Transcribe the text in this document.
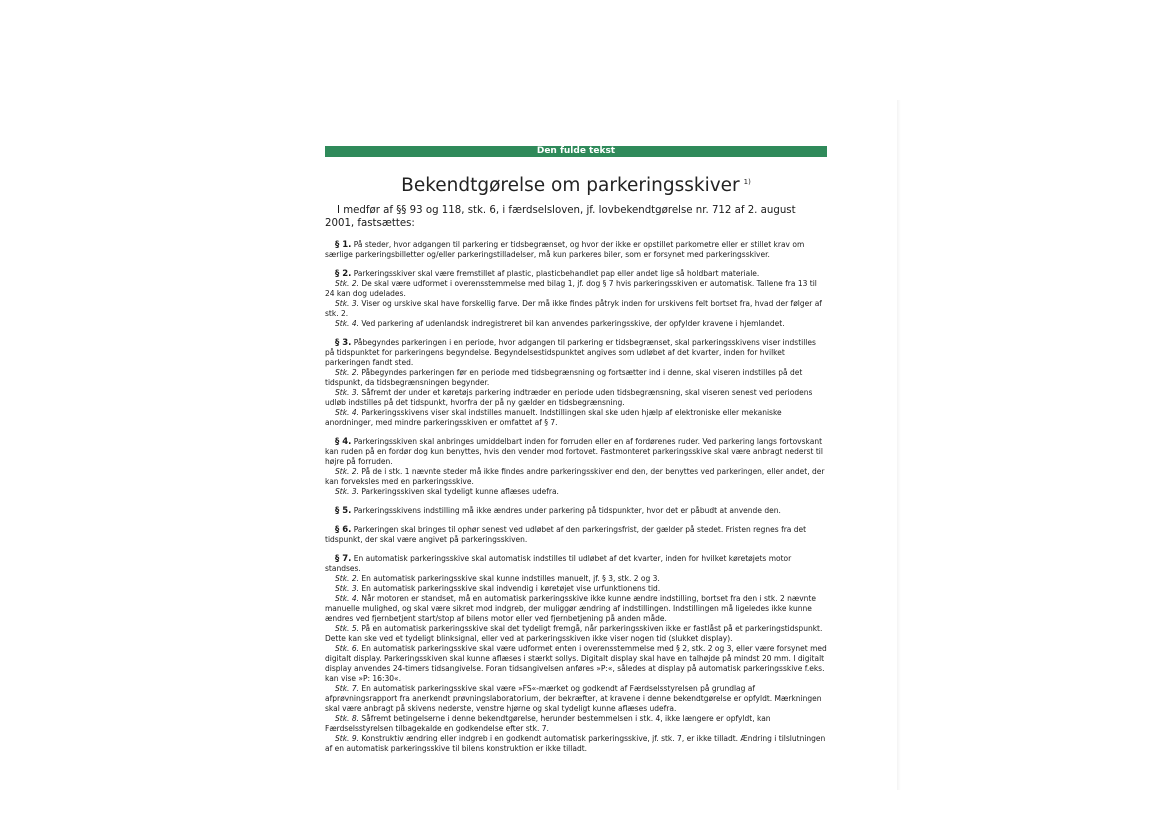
Den fulde tekst
Bekendtgørelse om parkeringsskiver $^{1)}$
I medfør af §§ 93 og 118, stk. 6, i færdselsloven, jf. lovbekendtgørelse nr. 712 af 2. august 2001, fastsættes:

§ 1. På steder, hvor adgangen til parkering er tidsbegrænset, og hvor der ikke er opstillet parkometre eller er stillet krav om særlige parkeringsbilletter og/eller parkeringstilladelser, må kun parkeres biler, som er forsynet med parkeringsskiver.

§ 2. Parkeringsskiver skal være fremstillet af plastic, plasticbehandlet pap eller andet lige så holdbart materiale.

Stk. 2. De skal være udformet i overensstemmelse med bilag 1, jf. dog § 7 hvis parkeringsskiven er automatisk. Tallene fra 13 til 24 kan dog udelades.

Stk. 3. Viser og urskive skal have forskellig farve. Der må ikke findes påtryk inden for urskivens felt bortset fra, hvad der følger af stk. 2.

Stk. 4. Ved parkering af udenlandsk indregistreret bil kan anvendes parkeringsskive, der opfylder kravene i hjemlandet.

§ 3. Påbegyndes parkeringen i en periode, hvor adgangen til parkering er tidsbegrænset, skal parkeringsskivens viser indstilles på tidspunktet for parkeringens begyndelse. Begyndelsestidspunktet angives som udløbet af det kvarter, inden for hvilket parkeringen fandt sted.

Stk. 2. Påbegyndes parkeringen før en periode med tidsbegrænsning og fortsætter ind i denne, skal viseren indstilles på det tidspunkt, da tidsbegrænsningen begynder.

Stk. 3. Såfremt der under et køretøjs parkering indtræder en periode uden tidsbegrænsning, skal viseren senest ved periodens udløb indstilles på det tidspunkt, hvorfra der på ny gælder en tidsbegrænsning.

Stk. 4. Parkeringsskivens viser skal indstilles manuelt. Indstillingen skal ske uden hjælp af elektroniske eller mekaniske anordninger, med mindre parkeringsskiven er omfattet af § 7.

§ 4. Parkeringsskiven skal anbringes umiddelbart inden for forruden eller en af fordørenes ruder. Ved parkering langs fortovskant kan ruden på en fordør dog kun benyttes, hvis den vender mod fortovet. Fastmonteret parkeringsskive skal være anbragt nederst til højre på forruden.

Stk. 2. På de i stk. 1 nævnte steder må ikke findes andre parkeringsskiver end den, der benyttes ved parkeringen, eller andet, der kan forveksles med en parkeringsskive.

Stk. 3. Parkeringsskiven skal tydeligt kunne aflæses udefra.

§ 5. Parkeringsskivens indstilling må ikke ændres under parkering på tidspunkter, hvor det er påbudt at anvende den.

§ 6. Parkeringen skal bringes til ophør senest ved udløbet af den parkeringsfrist, der gælder på stedet. Fristen regnes fra det tidspunkt, der skal være angivet på parkeringsskiven.

§ 7. En automatisk parkeringsskive skal automatisk indstilles til udløbet af det kvarter, inden for hvilket køretøjets motor standses.

Stk. 2. En automatisk parkeringsskive skal kunne indstilles manuelt, jf. § 3, stk. 2 og 3.

Stk. 3. En automatisk parkeringsskive skal indvendig i køretøjet vise urfunktionens tid.

Stk. 4. Når motoren er standset, må en automatisk parkeringsskive ikke kunne ændre indstilling, bortset fra den i stk. 2 nævnte manuelle mulighed, og skal være sikret mod indgreb, der muliggør ændring af indstillingen. Indstillingen må ligeledes ikke kunne ændres ved fjernbetjent start/stop af bilens motor eller ved fjernbetjening på anden måde.

Stk. 5. På en automatisk parkeringsskive skal det tydeligt fremgå, når parkeringsskiven ikke er fastlåst på et parkeringstidspunkt. Dette kan ske ved et tydeligt blinksignal, eller ved at parkeringsskiven ikke viser nogen tid (slukket display).

Stk. 6. En automatisk parkeringsskive skal være udformet enten i overensstemmelse med § 2, stk. 2 og 3, eller være forsynet med digitalt display. Parkeringsskiven skal kunne aflæses i stærkt sollys. Digitalt display skal have en talhøjde på mindst 20 mm. I digitalt display anvendes 24-timers tidsangivelse. Foran tidsangivelsen anføres »P:«, således at display på automatisk parkeringsskive f.eks. kan vise »P: 16:30«.

Stk. 7. En automatisk parkeringsskive skal være »FS«-mærket og godkendt af Færdselsstyrelsen på grundlag af afprøvningsrapport fra anerkendt prøvningslaboratorium, der bekræfter, at kravene i denne bekendtgørelse er opfyldt. Mærkningen skal være anbragt på skivens nederste, venstre hjørne og skal tydeligt kunne aflæses udefra.

Stk. 8. Såfremt betingelserne i denne bekendtgørelse, herunder bestemmelsen i stk. 4, ikke længere er opfyldt, kan Færdselsstyrelsen tilbagekalde en godkendelse efter stk. 7.

Stk. 9. Konstruktiv ændring eller indgreb i en godkendt automatisk parkeringsskive, jf. stk. 7, er ikke tilladt. Ændring i tilslutningen af en automatisk parkeringsskive til bilens konstruktion er ikke tilladt.
